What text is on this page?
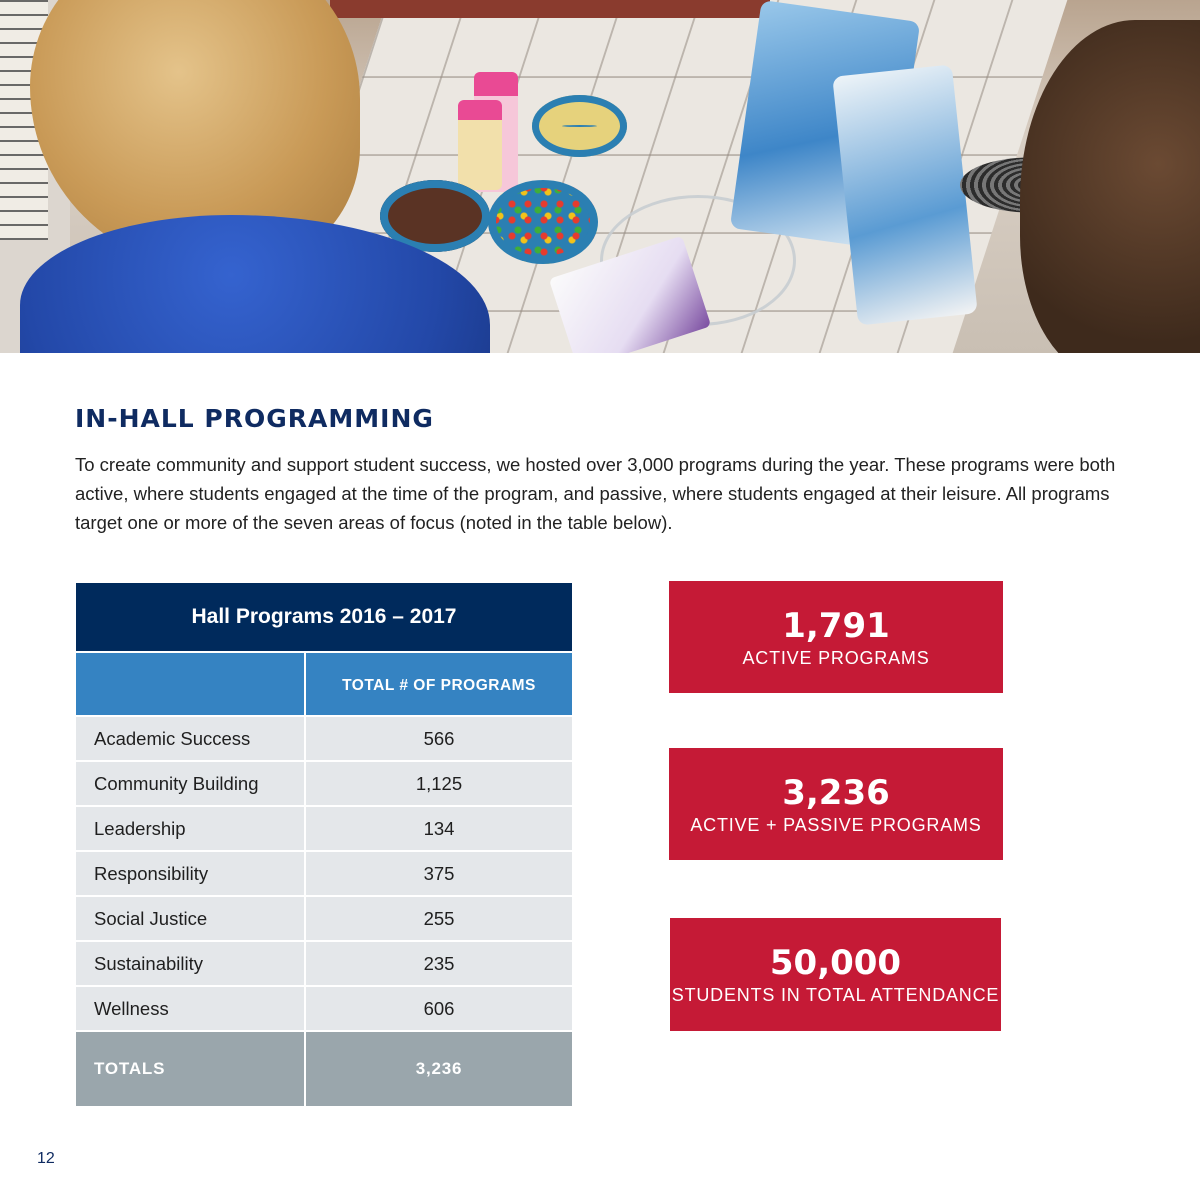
IN-HALL PROGRAMMING

To create community and support student success, we hosted over 3,000 programs during the year. These programs were both active, where students engaged at the time of the program, and passive, where students engaged at their leisure. All programs target one or more of the seven areas of focus (noted in the table below).

Hall Programs 2016 – 2017	
	TOTAL # OF PROGRAMS
Academic Success	566
Community Building	1,125
Leadership	134
Responsibility	375
Social Justice	255
Sustainability	235
Wellness	606
TOTALS	3,236
1,791
ACTIVE PROGRAMS
3,236
ACTIVE + PASSIVE PROGRAMS
50,000
STUDENTS IN TOTAL ATTENDANCE
12
